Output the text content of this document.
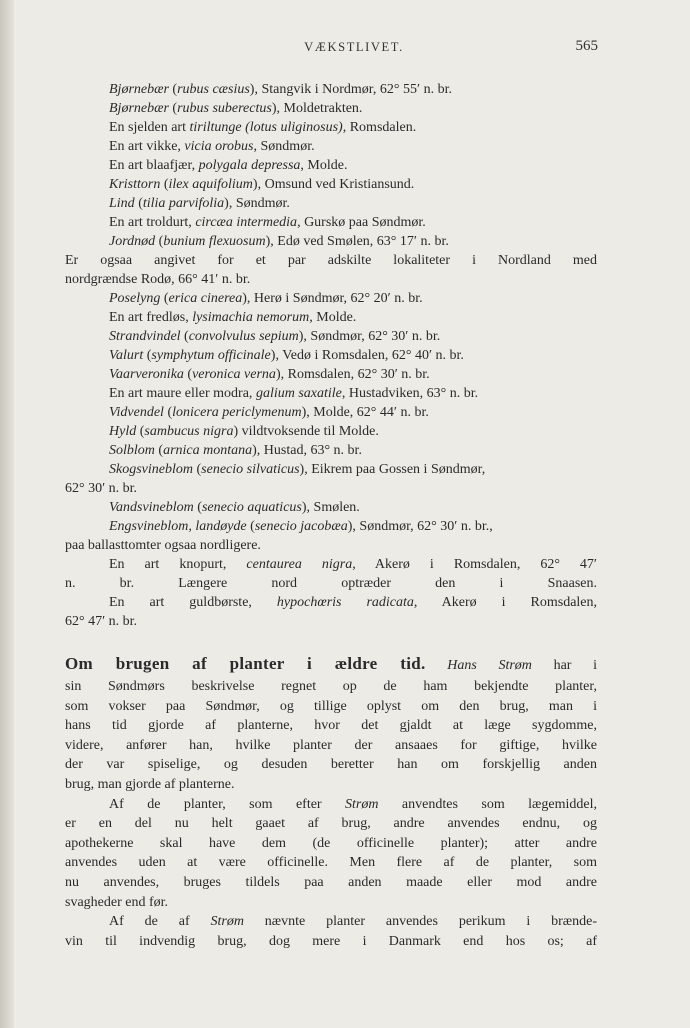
VÆKSTLIVET.	565
Bjørnebær (rubus cæsius), Stangvik i Nordmør, 62° 55′ n. br.
Bjørnebær (rubus suberectus), Moldetrakten.
En sjelden art tiriltunge (lotus uliginosus), Romsdalen.
En art vikke, vicia orobus, Søndmør.
En art blaafjær, polygala depressa, Molde.
Kristtorn (ilex aquifolium), Omsund ved Kristiansund.
Lind (tilia parvifolia), Søndmør.
En art troldurt, circæa intermedia, Gurskø paa Søndmør.
Jordnød (bunium flexuosum), Edø ved Smølen, 63° 17′ n. br.
Er ogsaa angivet for et par adskilte lokaliteter i Nordland med
nordgrændse Rodø, 66° 41′ n. br.
Poselyng (erica cinerea), Herø i Søndmør, 62° 20′ n. br.
En art fredløs, lysimachia nemorum, Molde.
Strandvindel (convolvulus sepium), Søndmør, 62° 30′ n. br.
Valurt (symphytum officinale), Vedø i Romsdalen, 62° 40′ n. br.
Vaarveronika (veronica verna), Romsdalen, 62° 30′ n. br.
En art maure eller modra, galium saxatile, Hustadviken, 63° n. br.
Vidvendel (lonicera periclymenum), Molde, 62° 44′ n. br.
Hyld (sambucus nigra) vildtvoksende til Molde.
Solblom (arnica montana), Hustad, 63° n. br.
Skogsvineblom (senecio silvaticus), Eikrem paa Gossen i Søndmør,
62° 30′ n. br.
Vandsvineblom (senecio aquaticus), Smølen.
Engsvineblom, landøyde (senecio jacobæa), Søndmør, 62° 30′ n. br.,
paa ballasttomter ogsaa nordligere.
En art knopurt, centaurea nigra, Akerø i Romsdalen, 62° 47′
n. br. Længere nord optræder den i Snaasen.
En art guldbørste, hypochœris radicata, Akerø i Romsdalen,
62° 47′ n. br.
Om brugen af planter i ældre tid. Hans Strøm har i
sin Søndmørs beskrivelse regnet op de ham bekjendte planter,
som vokser paa Søndmør, og tillige oplyst om den brug, man i
hans tid gjorde af planterne, hvor det gjaldt at læge sygdomme,
videre, anfører han, hvilke planter der ansaaes for giftige, hvilke
der var spiselige, og desuden beretter han om forskjellig anden
brug, man gjorde af planterne.
Af de planter, som efter Strøm anvendtes som lægemiddel,
er en del nu helt gaaet af brug, andre anvendes endnu, og
apothekerne skal have dem (de officinelle planter); atter andre
anvendes uden at være officinelle. Men flere af de planter, som
nu anvendes, bruges tildels paa anden maade eller mod andre
svagheder end før.
Af de af Strøm nævnte planter anvendes perikum i brænde-
vin til indvendig brug, dog mere i Danmark end hos os; af
